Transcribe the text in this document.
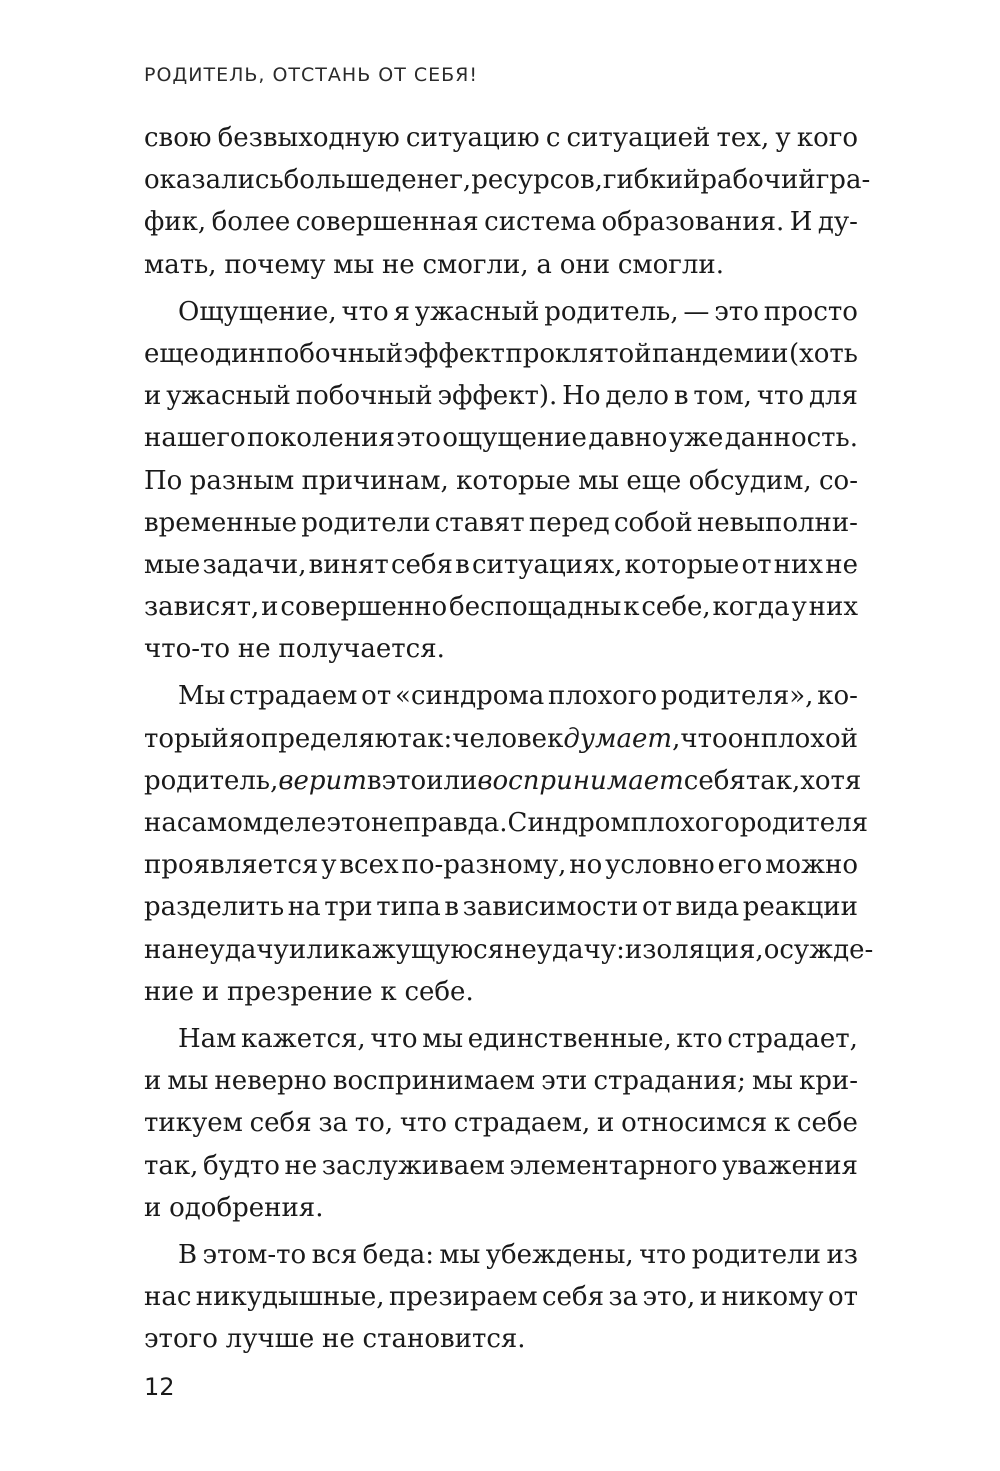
РОДИТЕЛЬ, ОТСТАНЬ ОТ СЕБЯ!
свою безвыходную ситуацию с ситуацией тех, у кого
оказались больше денег, ресурсов, гибкий рабочий гра-
фик, более совершенная система образования. И ду-
мать, почему мы не смогли, а они смогли.
Ощущение, что я ужасный родитель, — это просто
еще один побочный эффект проклятой пандемии (хоть
и ужасный побочный эффект). Но дело в том, что для
нашего поколения это ощущение давно уже данность.
По разным причинам, которые мы еще обсудим, со-
временные родители ставят перед собой невыполни-
мые задачи, винят себя в ситуациях, которые от них не
зависят, и совершенно беспощадны к себе, когда у них
что-то не получается.
Мы страдаем от «синдрома плохого родителя», ко-
торый я определяю так: человек думает, что он плохой
родитель, верит в это или воспринимает себя так, хотя
на самом деле это неправда. Синдром плохого родителя
проявляется у всех по-разному, но условно его можно
разделить на три типа в зависимости от вида реакции
на неудачу или кажущуюся неудачу: изоляция, осужде-
ние и презрение к себе.
Нам кажется, что мы единственные, кто страдает,
и мы неверно воспринимаем эти страдания; мы кри-
тикуем себя за то, что страдаем, и относимся к себе
так, будто не заслуживаем элементарного уважения
и одобрения.
В этом-то вся беда: мы убеждены, что родители из
нас никудышные, презираем себя за это, и никому от
этого лучше не становится.
12
